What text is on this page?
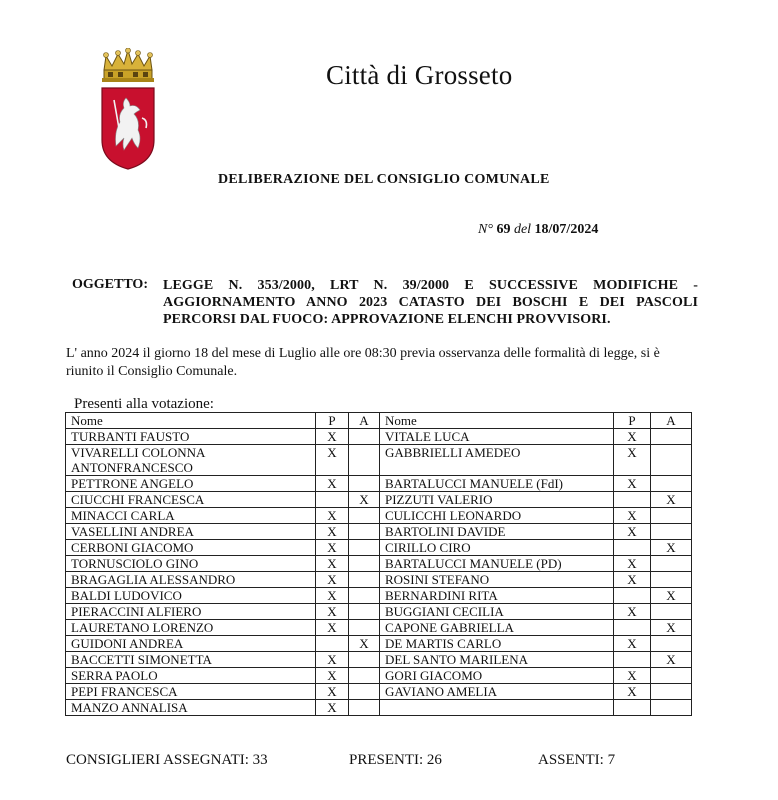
Città di Grosseto
DELIBERAZIONE DEL CONSIGLIO COMUNALE
N° 69 del 18/07/2024
OGGETTO: LEGGE N. 353/2000, LRT N. 39/2000 E SUCCESSIVE MODIFICHE - AGGIORNAMENTO ANNO 2023 CATASTO DEI BOSCHI E DEI PASCOLI PERCORSI DAL FUOCO: APPROVAZIONE ELENCHI PROVVISORI.
L' anno 2024 il giorno 18 del mese di Luglio alle ore 08:30 previa osservanza delle formalità di legge, si è riunito il Consiglio Comunale.
Presenti alla votazione:
Nome	P	A	Nome	P	A
TURBANTI FAUSTO	X		VITALE LUCA	X	
VIVARELLI COLONNA ANTONFRANCESCO	X		GABBRIELLI AMEDEO	X	
PETTRONE ANGELO	X		BARTALUCCI MANUELE (FdI)	X	
CIUCCHI FRANCESCA		X	PIZZUTI VALERIO		X
MINACCI CARLA	X		CULICCHI LEONARDO	X	
VASELLINI ANDREA	X		BARTOLINI DAVIDE	X	
CERBONI GIACOMO	X		CIRILLO CIRO		X
TORNUSCIOLO GINO	X		BARTALUCCI MANUELE (PD)	X	
BRAGAGLIA ALESSANDRO	X		ROSINI STEFANO	X	
BALDI LUDOVICO	X		BERNARDINI RITA		X
PIERACCINI ALFIERO	X		BUGGIANI CECILIA	X	
LAURETANO LORENZO	X		CAPONE GABRIELLA		X
GUIDONI ANDREA		X	DE MARTIS CARLO	X	
BACCETTI SIMONETTA	X		DEL SANTO MARILENA		X
SERRA PAOLO	X		GORI GIACOMO	X	
PEPI FRANCESCA	X		GAVIANO AMELIA	X	
MANZO ANNALISA	X				
CONSIGLIERI ASSEGNATI: 33	PRESENTI: 26	ASSENTI: 7
